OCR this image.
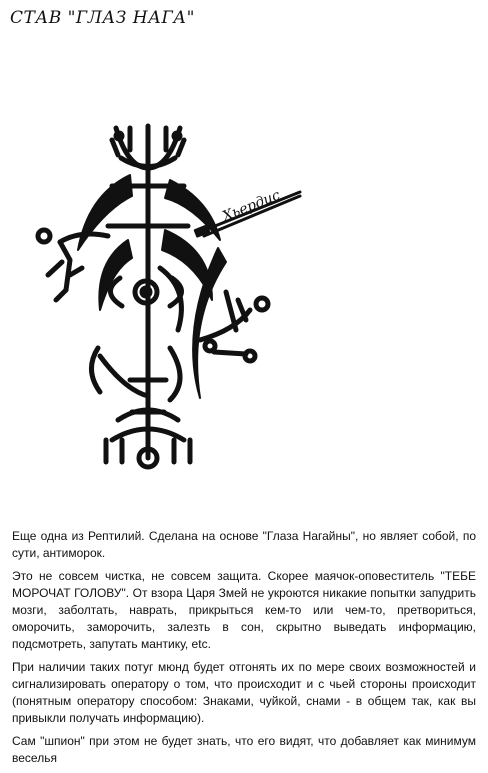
СТАВ "ГЛАЗ НАГА"
Хьердис

Еще одна из Рептилий. Сделана на основе "Глаза Нагайны", но являет собой, по сути, антиморок.

Это не совсем чистка, не совсем защита. Скорее маячок-оповеститель "ТЕБЕ МОРОЧАТ ГОЛОВУ". От взора Царя Змей не укроются никакие попытки запудрить мозги, заболтать, наврать, прикрыться кем-то или чем-то, претвориться, оморочить, заморочить, залезть в сон, скрытно выведать информацию, подсмотреть, запутать мантику, etc.

При наличии таких потуг мюнд будет отгонять их по мере своих возможностей и сигнализировать оператору о том, что происходит и с чьей стороны происходит (понятным оператору способом: Знаками, чуйкой, снами - в общем так, как вы привыкли получать информацию).

Сам "шпион" при этом не будет знать, что его видят, что добавляет как минимум веселья
